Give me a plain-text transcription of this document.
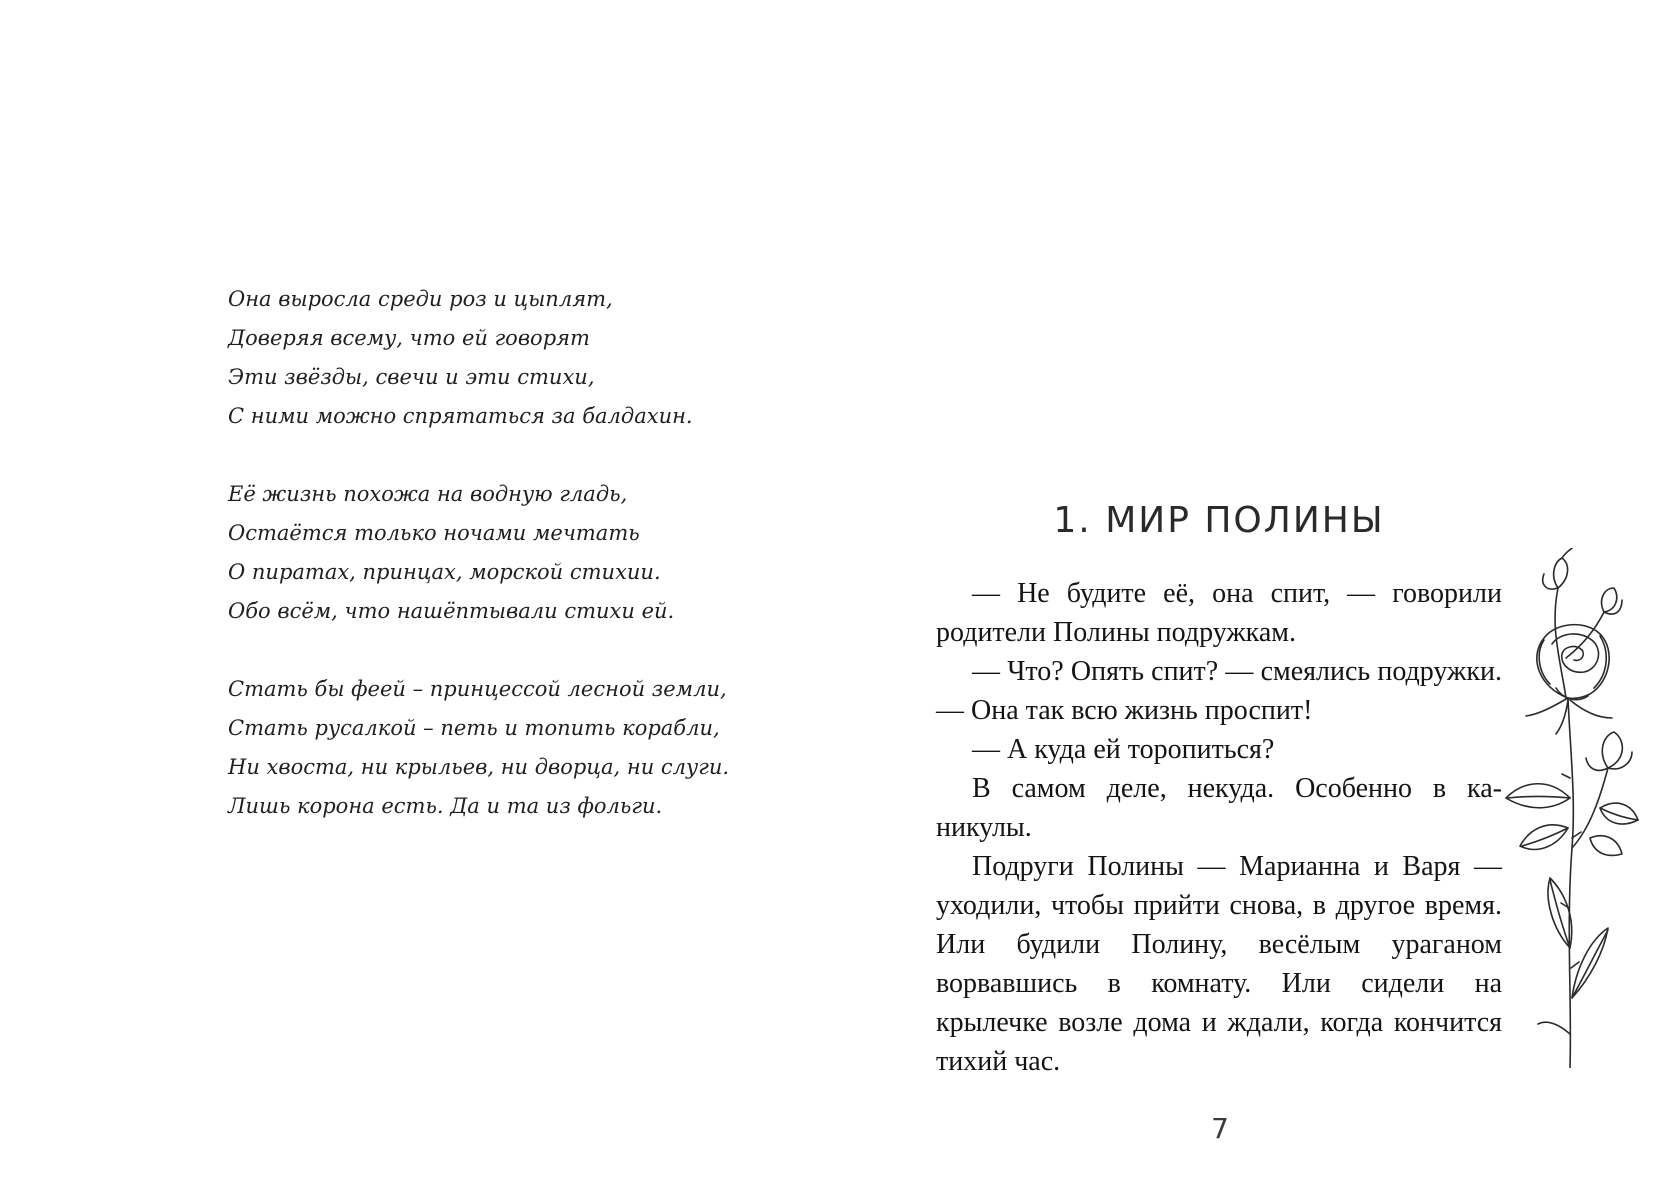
Она выросла среди роз и цыплят,
Доверяя всему, что ей говорят
Эти звёзды, свечи и эти стихи,
С ними можно спрятаться за балдахин.
Её жизнь похожа на водную гладь,
Остаётся только ночами мечтать
О пиратах, принцах, морской стихии.
Обо всём, что нашёптывали стихи ей.
Стать бы феей – принцессой лесной земли,
Стать русалкой – петь и топить корабли,
Ни хвоста, ни крыльев, ни дворца, ни слуги.
Лишь корона есть. Да и та из фольги.
1. МИР ПОЛИНЫ

— Не будите её, она спит, — говорили родители Полины подружкам.

— Что? Опять спит? — смеялись подружки. — Она так всю жизнь проспит!

— А куда ей торопиться?

В самом деле, некуда. Особенно в каникулы.

Подруги Полины — Марианна и Варя — уходили, чтобы прийти снова, в другое время. Или будили Полину, весёлым ураганом ворвавшись в комнату. Или сидели на крылечке возле дома и ждали, когда кончится тихий час.

7
